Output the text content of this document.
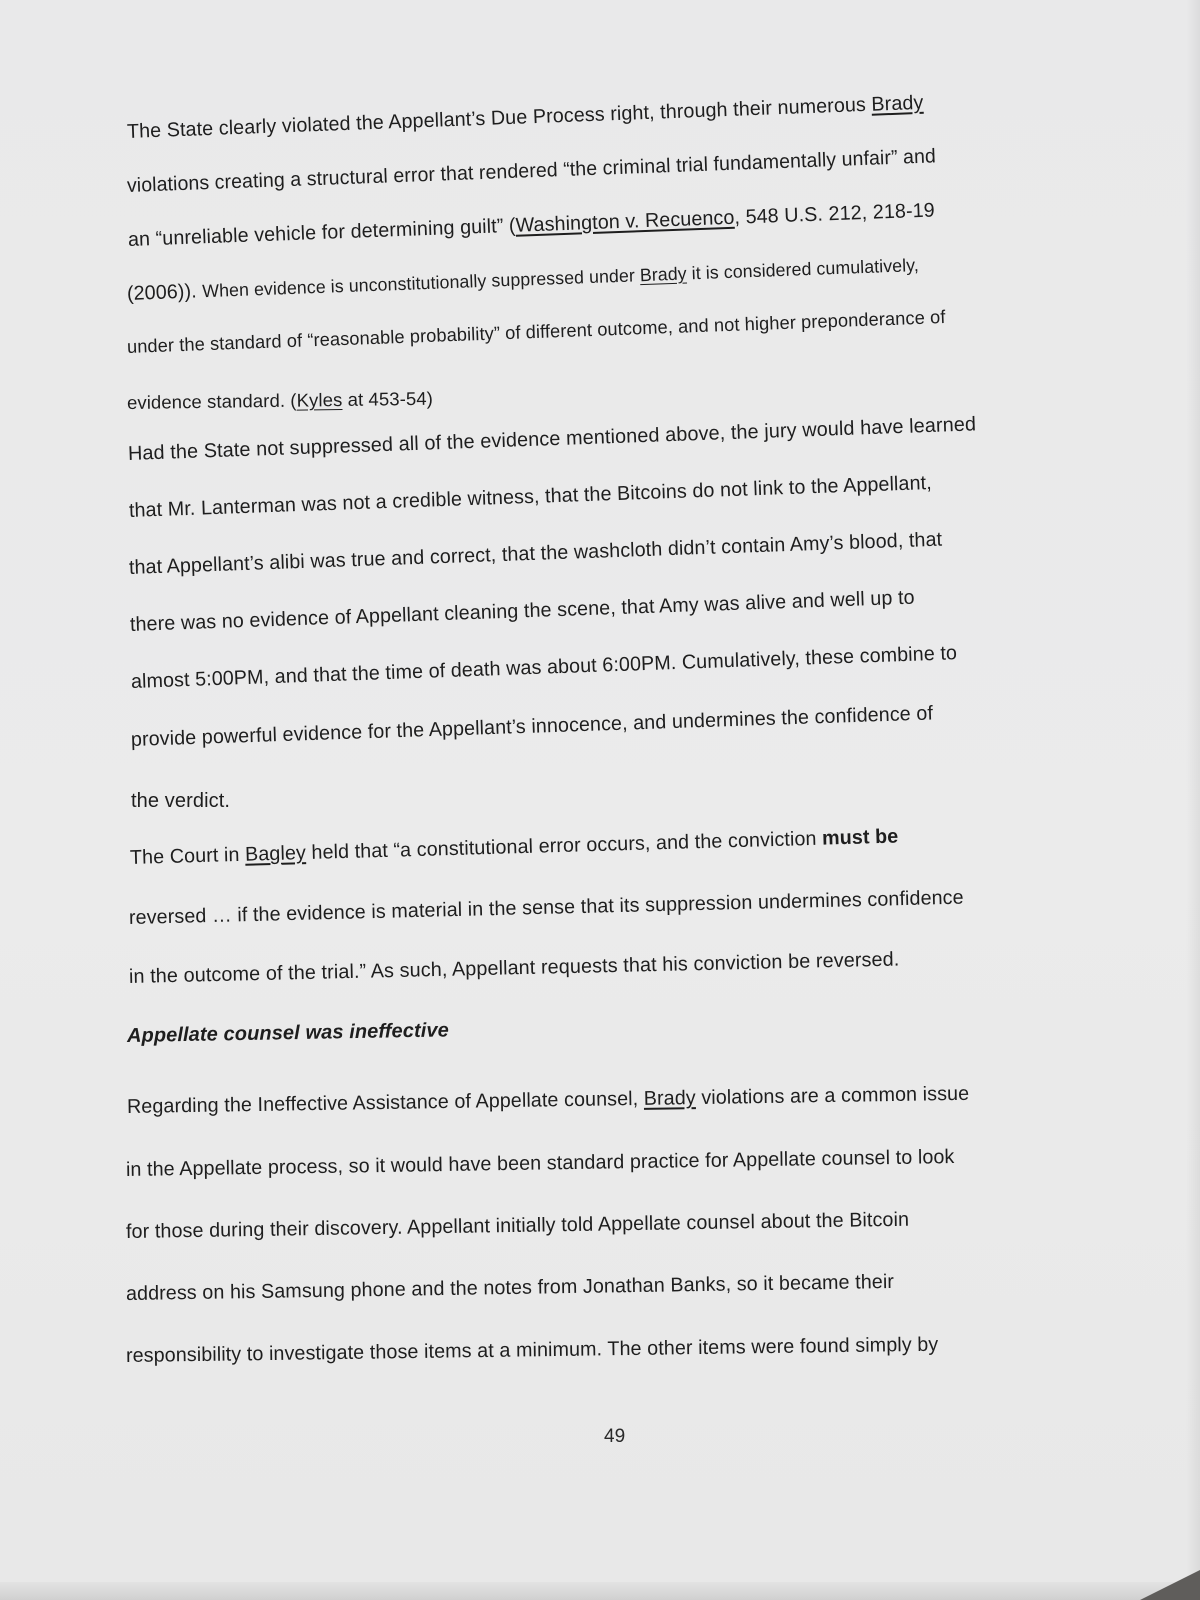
The State clearly violated the Appellant’s Due Process right, through their numerous Brady
violations creating a structural error that rendered “the criminal trial fundamentally unfair” and
an “unreliable vehicle for determining guilt” (Washington v. Recuenco, 548 U.S. 212, 218-19
(2006)). When evidence is unconstitutionally suppressed under Brady it is considered cumulatively,
under the standard of “reasonable probability” of different outcome, and not higher preponderance of
evidence standard. (Kyles at 453-54)
Had the State not suppressed all of the evidence mentioned above, the jury would have learned
that Mr. Lanterman was not a credible witness, that the Bitcoins do not link to the Appellant,
that Appellant’s alibi was true and correct, that the washcloth didn’t contain Amy’s blood, that
there was no evidence of Appellant cleaning the scene, that Amy was alive and well up to
almost 5:00PM, and that the time of death was about 6:00PM. Cumulatively, these combine to
provide powerful evidence for the Appellant’s innocence, and undermines the confidence of
the verdict.
The Court in Bagley held that “a constitutional error occurs, and the conviction must be
reversed … if the evidence is material in the sense that its suppression undermines confidence
in the outcome of the trial.” As such, Appellant requests that his conviction be reversed.
Appellate counsel was ineffective
Regarding the Ineffective Assistance of Appellate counsel, Brady violations are a common issue
in the Appellate process, so it would have been standard practice for Appellate counsel to look
for those during their discovery. Appellant initially told Appellate counsel about the Bitcoin
address on his Samsung phone and the notes from Jonathan Banks, so it became their
responsibility to investigate those items at a minimum. The other items were found simply by
49
